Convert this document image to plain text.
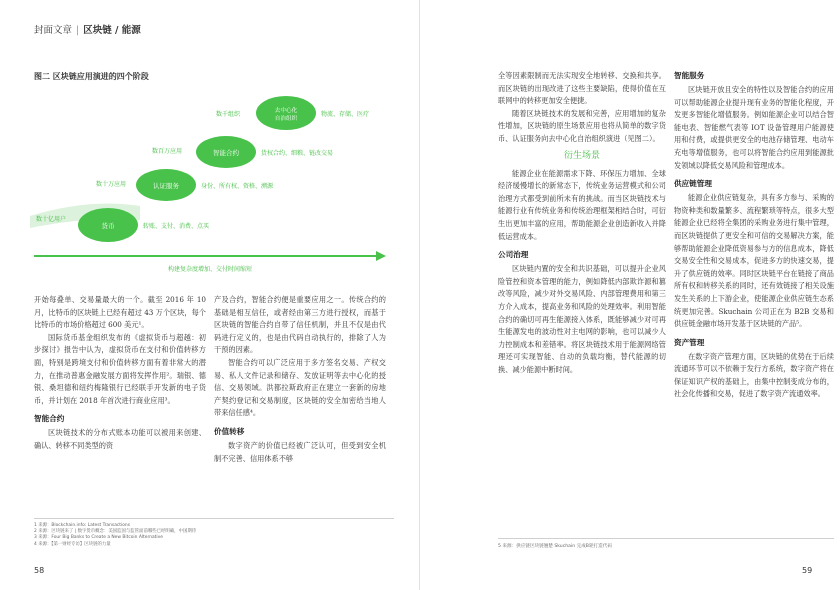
封面文章 | 区块链 / 能源
图二 区块链应用演进的四个阶段
货币
认证服务
智能合约
去中心化自治组织
数十亿用户
数十万应用
数百万应用
数千组织
转账、支付、消费、点买
身份、所有权、资格、溯源
货权合约、细粮、链改交易
物流、存储、医疗
构建复杂度增加、交付时间缩短

开始每叠单、交易量最大的一个。截至 2016 年 10 月，比特币的区块链上已经有超过 43 万个区块，每个比特币的市场价格超过 600 美元¹。

国际货币基金组织发布的《虚拟货币与超越：初步探讨》报告中认为，虚拟货币在支付和价值转移方面，特别是跨境支付和价值转移方面有着非常大的潜力，在推动普惠金融发展方面将发挥作用²。瑞银、德银、桑坦德和纽约梅隆银行已经联手开发新的电子货币，并计划在 2018 年首次进行商业应用³。

智能合约

区块链技术的分布式账本功能可以被用来创建、确认、转移不同类型的资

产及合约，智能合约便是重要应用之一。传统合约的基础是相互信任，或者经由第三方进行授权，而基于区块链的智能合约自带了信任机制，并且不仅是由代码进行定义的，也是由代码自动执行的，排除了人为干预的因素。

智能合约可以广泛应用于多方签名交易、产权交易、私人文件记录和储存、发放证明等去中心化的授信、交易领域。洪都拉斯政府正在建立一套新的房地产契约登记和交易制度，区块链的安全加密给当地人带来信任感⁴。

价值转移

数字资产的价值已经被广泛认可，但受到安全机制不完善、信用体系不够

1 来源：Blockchain.info: Latest Transactions
2 来源：区块链来了 | 数字货币概念：美国监国与监管面前哪些已经明确，中国期待
3 来源：Four Big Banks to Create a New Bitcoin Alternative
4 来源：【第一财经专访】区块链的力量
58

全等因素限制而无法实现安全地转移、交换和共享。而区块链的出现改进了这些主要缺陷，使得价值在互联网中的转移更加安全便捷。

随着区块链技术的发展和完善，应用增加的复杂性增加，区块链的原生场景应用也将从简单的数字货币、认证服务向去中心化自治组织演进（见图二）。

衍生场景

能源企业在能源需求下降、环保压力增加、全球经济缓慢增长的新常态下，传统业务运营模式和公司治理方式都受到前所未有的挑战。而当区块链技术与能源行业有传统业务和传统治理框架相结合时，可衍生出更加丰富的应用，帮助能源企业创造新收入并降低运营成本。

公司治理

区块链内置的安全和共识基础，可以提升企业风险管控和资本管理的能力，例如降低内部欺诈源和篡改等风险，减少对外交易风险、内部管理费用和第三方介入成本，提高业务和风险的处理效率。利用智能合约的确切可再生能源接入体系，既能够减少对可再生能源发电的波动性对主电网的影响，也可以减少人力控制成本和差错率。将区块链技术用于能源网络管理还可实现智能、自动的负载均衡，替代能源的切换、减少能源中断时间。

智能服务

区块链开放且安全的特性以及智能合约的应用可以帮助能源企业提升现有业务的智能化程度，开发更多智能化增值服务。例如能源企业可以结合智能电表、智能燃气表等 IOT 设备管理用户能源使用和付费，或提供更安全的电池存储管理、电动车充电等增值服务，也可以将智能合约应用到能源批发领域以降低交易风险和管理成本。

供应链管理

能源企业供应链复杂，具有多方参与、采购的物资种类和数量繁多、流程繁琐等特点，很多大型能源企业已经将全集团的采购业务进行集中管理，而区块链提供了更安全和可信的交易解决方案，能够帮助能源企业降低资易参与方的信息成本，降低交易安全性和交易成本，促进多方的快速交易，提升了供应链的效率。同时区块链平台在链接了商品所有权和转移关系的同时，还有效链接了相关设施发生关系的上下游企业，使能源企业供应链生态系统更加完善。Skuchain 公司正在为 B2B 交易和供应链金融市场开发基于区块链的产品⁵。

资产管理

在数字资产管理方面，区块链的优势在于后续流通环节可以不依赖于发行方系统，数字资产将在保证知识产权的基础上，由集中控制变成分布的，社会化传播和交易，促进了数字资产流通效率。

5 来源：供应链区块链翘楚 Skuchain 完成B轮打造代码
59
